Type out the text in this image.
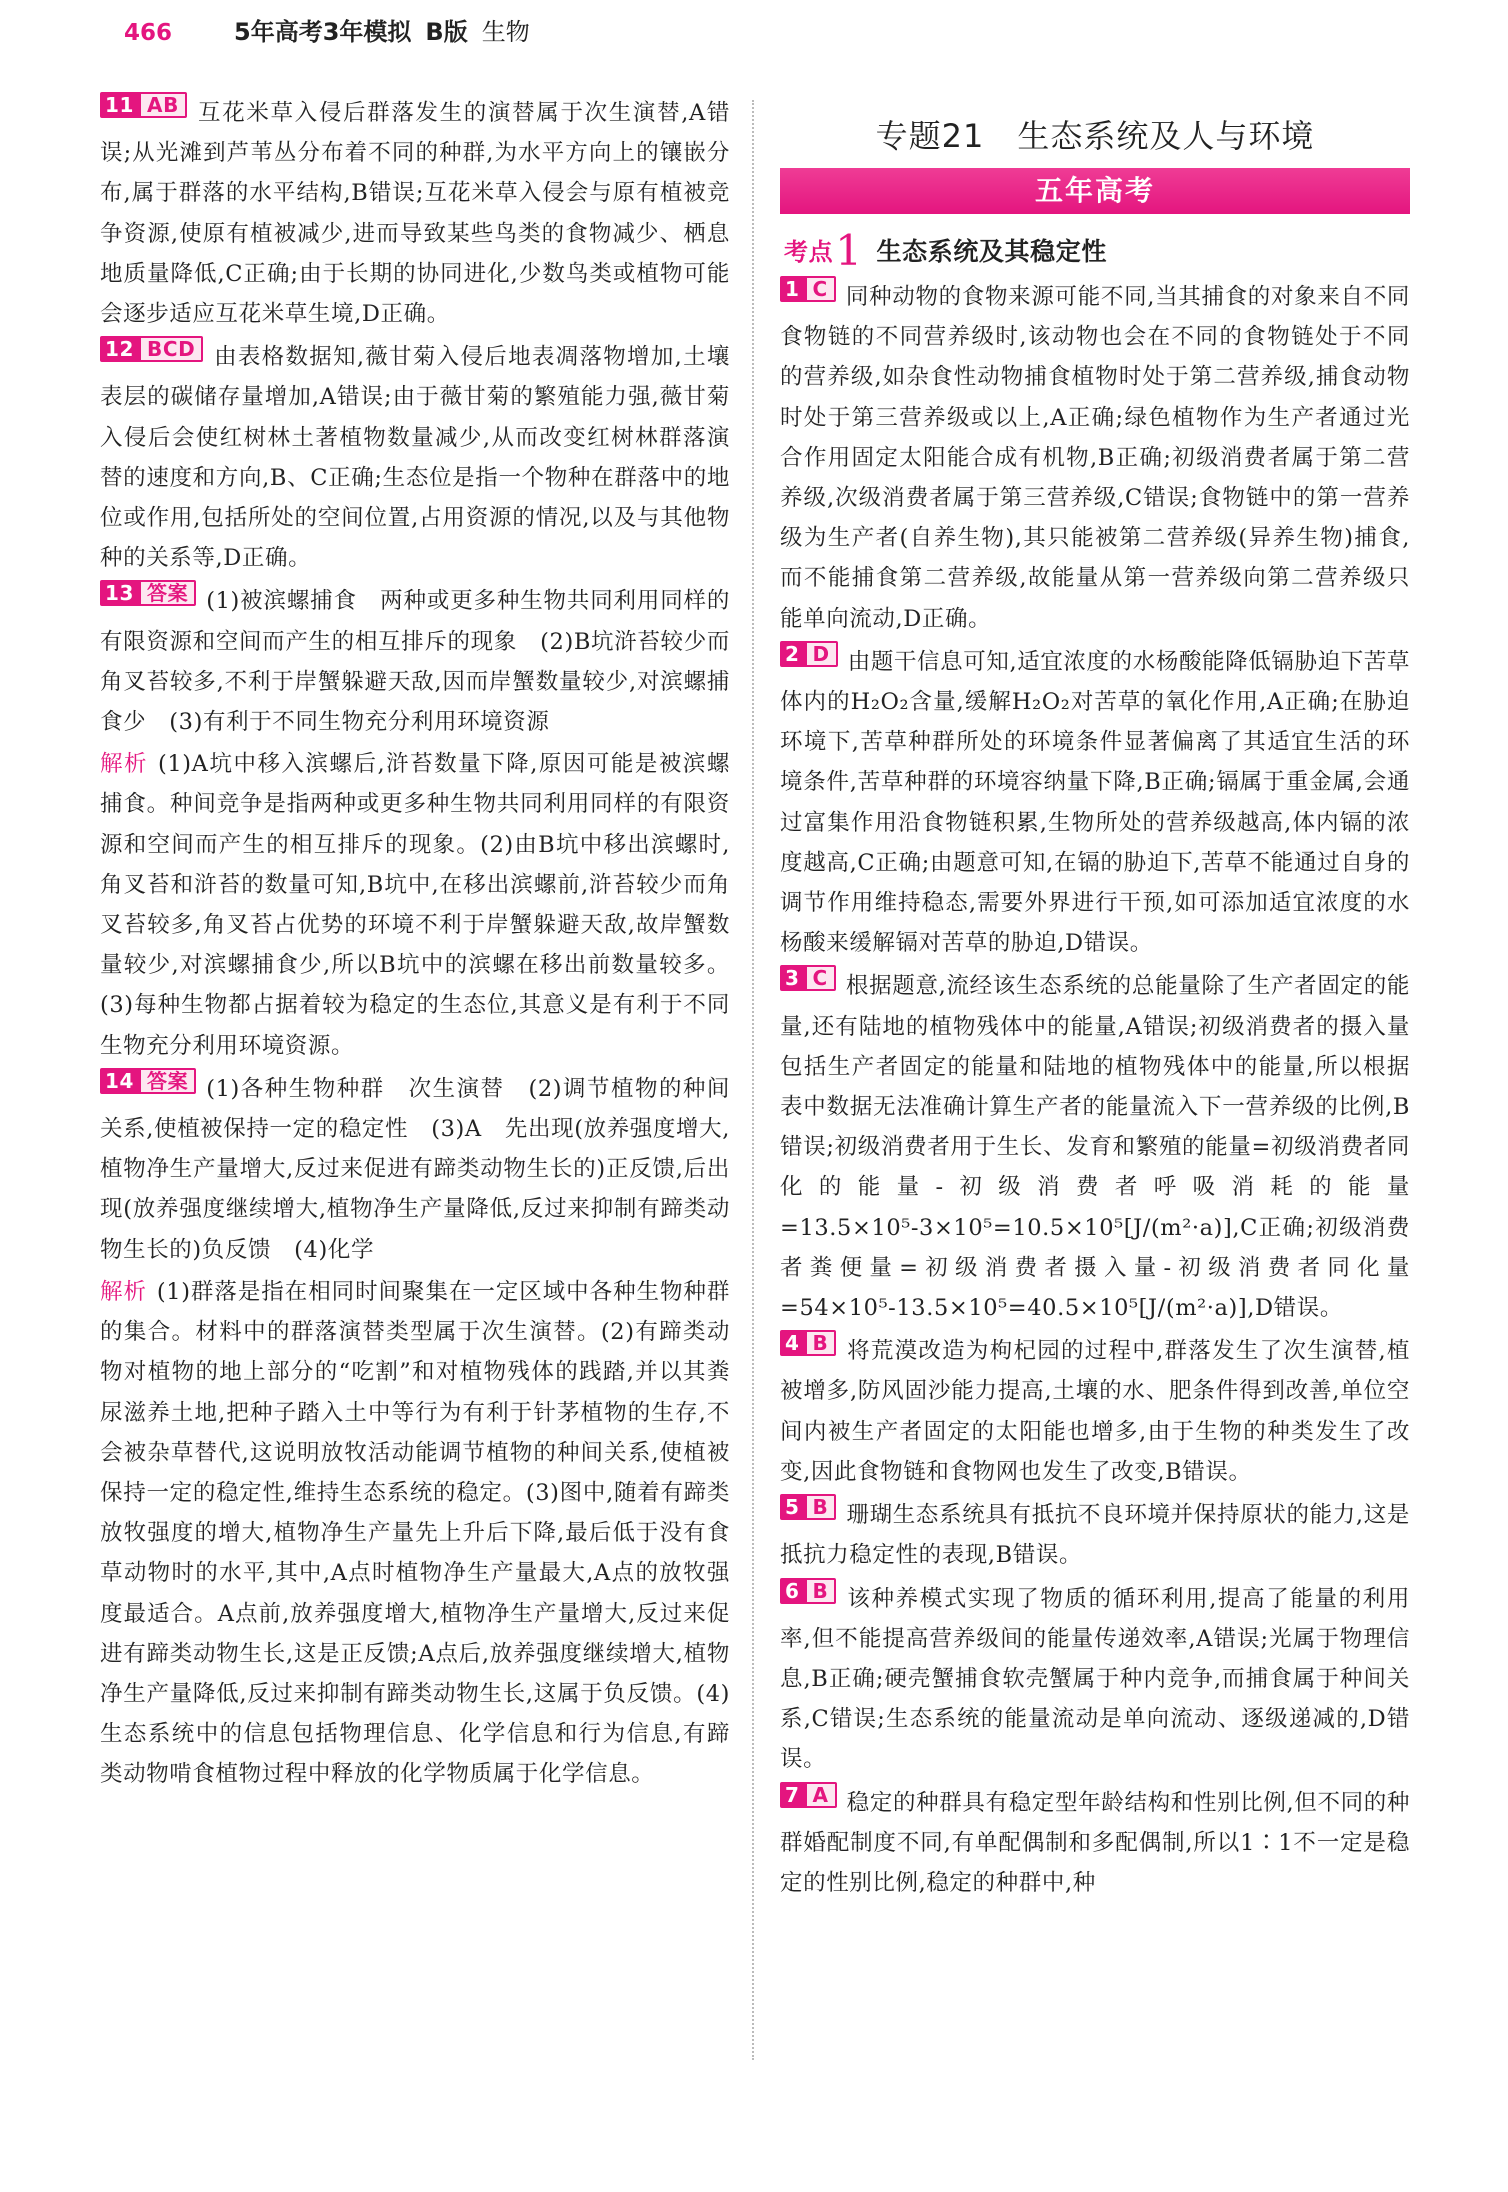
466	5年高考3年模拟 B版 生物

11 AB 互花米草入侵后群落发生的演替属于次生演替,A错误;从光滩到芦苇丛分布着不同的种群,为水平方向上的镶嵌分布,属于群落的水平结构,B错误;互花米草入侵会与原有植被竞争资源,使原有植被减少,进而导致某些鸟类的食物减少、栖息地质量降低,C正确;由于长期的协同进化,少数鸟类或植物可能会逐步适应互花米草生境,D正确。

12 BCD 由表格数据知,薇甘菊入侵后地表凋落物增加,土壤表层的碳储存量增加,A错误;由于薇甘菊的繁殖能力强,薇甘菊入侵后会使红树林土著植物数量减少,从而改变红树林群落演替的速度和方向,B、C正确;生态位是指一个物种在群落中的地位或作用,包括所处的空间位置,占用资源的情况,以及与其他物种的关系等,D正确。

13 答案 (1)被滨螺捕食　两种或更多种生物共同利用同样的有限资源和空间而产生的相互排斥的现象　(2)B坑浒苔较少而角叉苔较多,不利于岸蟹躲避天敌,因而岸蟹数量较少,对滨螺捕食少　(3)有利于不同生物充分利用环境资源

解析 (1)A坑中移入滨螺后,浒苔数量下降,原因可能是被滨螺捕食。种间竞争是指两种或更多种生物共同利用同样的有限资源和空间而产生的相互排斥的现象。(2)由B坑中移出滨螺时,角叉苔和浒苔的数量可知,B坑中,在移出滨螺前,浒苔较少而角叉苔较多,角叉苔占优势的环境不利于岸蟹躲避天敌,故岸蟹数量较少,对滨螺捕食少,所以B坑中的滨螺在移出前数量较多。(3)每种生物都占据着较为稳定的生态位,其意义是有利于不同生物充分利用环境资源。

14 答案 (1)各种生物种群　次生演替　(2)调节植物的种间关系,使植被保持一定的稳定性　(3)A　先出现(放养强度增大,植物净生产量增大,反过来促进有蹄类动物生长的)正反馈,后出现(放养强度继续增大,植物净生产量降低,反过来抑制有蹄类动物生长的)负反馈　(4)化学

解析 (1)群落是指在相同时间聚集在一定区域中各种生物种群的集合。材料中的群落演替类型属于次生演替。(2)有蹄类动物对植物的地上部分的“吃割”和对植物残体的践踏,并以其粪尿滋养土地,把种子踏入土中等行为有利于针茅植物的生存,不会被杂草替代,这说明放牧活动能调节植物的种间关系,使植被保持一定的稳定性,维持生态系统的稳定。(3)图中,随着有蹄类放牧强度的增大,植物净生产量先上升后下降,最后低于没有食草动物时的水平,其中,A点时植物净生产量最大,A点的放牧强度最适合。A点前,放养强度增大,植物净生产量增大,反过来促进有蹄类动物生长,这是正反馈;A点后,放养强度继续增大,植物净生产量降低,反过来抑制有蹄类动物生长,这属于负反馈。(4)生态系统中的信息包括物理信息、化学信息和行为信息,有蹄类动物啃食植物过程中释放的化学物质属于化学信息。

专题21　生态系统及人与环境
五年高考
考点 1 生态系统及其稳定性

1 C 同种动物的食物来源可能不同,当其捕食的对象来自不同食物链的不同营养级时,该动物也会在不同的食物链处于不同的营养级,如杂食性动物捕食植物时处于第二营养级,捕食动物时处于第三营养级或以上,A正确;绿色植物作为生产者通过光合作用固定太阳能合成有机物,B正确;初级消费者属于第二营养级,次级消费者属于第三营养级,C错误;食物链中的第一营养级为生产者(自养生物),其只能被第二营养级(异养生物)捕食,而不能捕食第二营养级,故能量从第一营养级向第二营养级只能单向流动,D正确。

2 D 由题干信息可知,适宜浓度的水杨酸能降低镉胁迫下苦草体内的H₂O₂含量,缓解H₂O₂对苦草的氧化作用,A正确;在胁迫环境下,苦草种群所处的环境条件显著偏离了其适宜生活的环境条件,苦草种群的环境容纳量下降,B正确;镉属于重金属,会通过富集作用沿食物链积累,生物所处的营养级越高,体内镉的浓度越高,C正确;由题意可知,在镉的胁迫下,苦草不能通过自身的调节作用维持稳态,需要外界进行干预,如可添加适宜浓度的水杨酸来缓解镉对苦草的胁迫,D错误。

3 C 根据题意,流经该生态系统的总能量除了生产者固定的能量,还有陆地的植物残体中的能量,A错误;初级消费者的摄入量包括生产者固定的能量和陆地的植物残体中的能量,所以根据表中数据无法准确计算生产者的能量流入下一营养级的比例,B错误;初级消费者用于生长、发育和繁殖的能量=初级消费者同化的能量-初级消费者呼吸消耗的能量=13.5×10⁵-3×10⁵=10.5×10⁵[J/(m²·a)],C正确;初级消费者粪便量=初级消费者摄入量-初级消费者同化量=54×10⁵-13.5×10⁵=40.5×10⁵[J/(m²·a)],D错误。

4 B 将荒漠改造为枸杞园的过程中,群落发生了次生演替,植被增多,防风固沙能力提高,土壤的水、肥条件得到改善,单位空间内被生产者固定的太阳能也增多,由于生物的种类发生了改变,因此食物链和食物网也发生了改变,B错误。

5 B 珊瑚生态系统具有抵抗不良环境并保持原状的能力,这是抵抗力稳定性的表现,B错误。

6 B 该种养模式实现了物质的循环利用,提高了能量的利用率,但不能提高营养级间的能量传递效率,A错误;光属于物理信息,B正确;硬壳蟹捕食软壳蟹属于种内竞争,而捕食属于种间关系,C错误;生态系统的能量流动是单向流动、逐级递减的,D错误。

7 A 稳定的种群具有稳定型年龄结构和性别比例,但不同的种群婚配制度不同,有单配偶制和多配偶制,所以1∶1不一定是稳定的性别比例,稳定的种群中,种
